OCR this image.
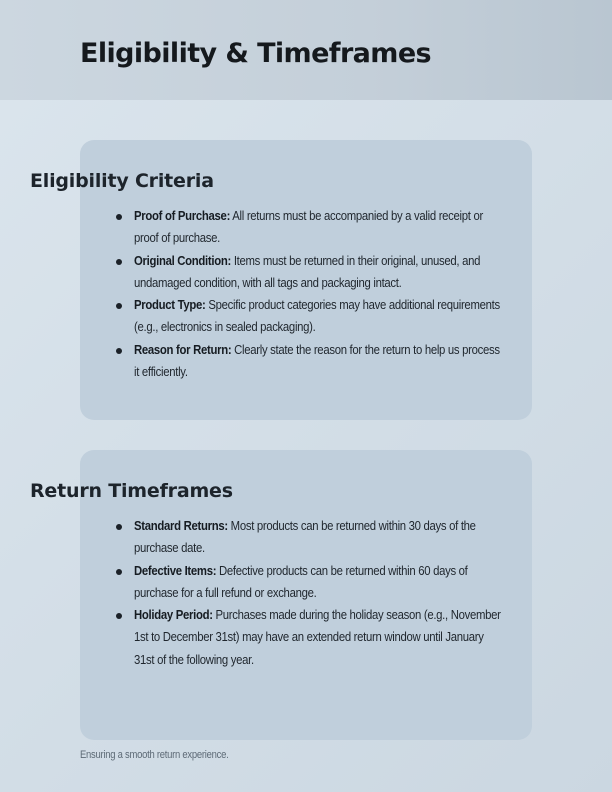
Eligibility & Timeframes
Eligibility Criteria
Proof of Purchase: All returns must be accompanied by a valid receipt or proof of purchase.
Original Condition: Items must be returned in their original, unused, and undamaged condition, with all tags and packaging intact.
Product Type: Specific product categories may have additional requirements (e.g., electronics in sealed packaging).
Reason for Return: Clearly state the reason for the return to help us process it efficiently.
Return Timeframes
Standard Returns: Most products can be returned within 30 days of the purchase date.
Defective Items: Defective products can be returned within 60 days of purchase for a full refund or exchange.
Holiday Period: Purchases made during the holiday season (e.g., November 1st to December 31st) may have an extended return window until January 31st of the following year.
Ensuring a smooth return experience.
